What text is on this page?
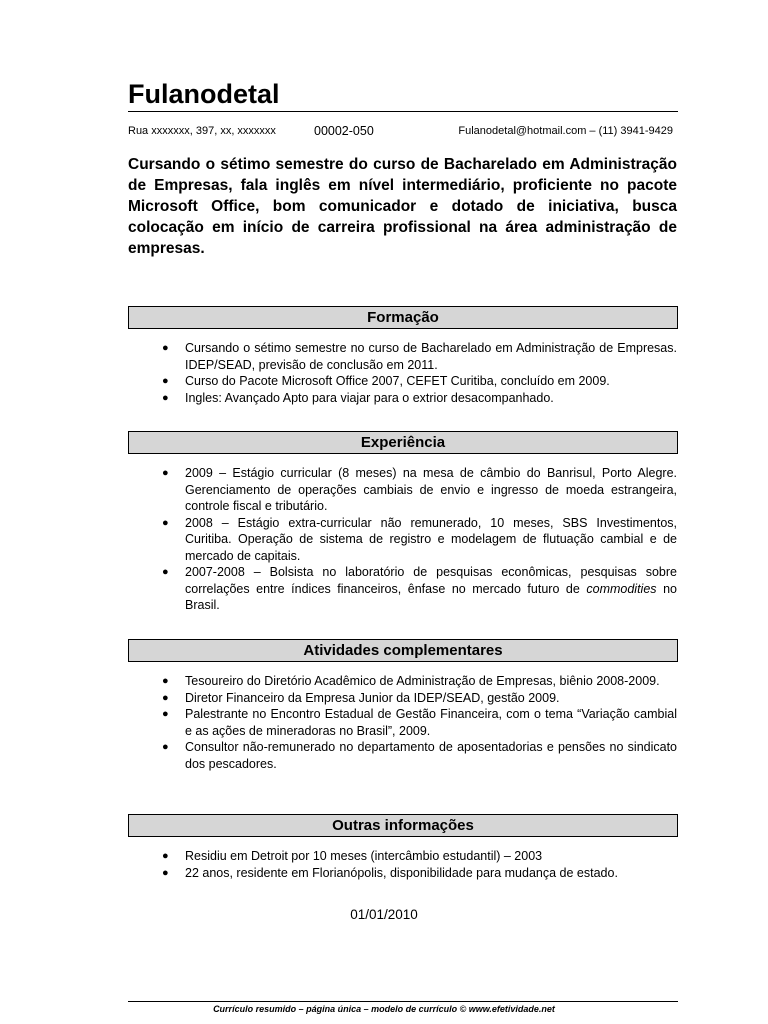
Fulanodetal
Rua xxxxxxx, 397, xx, xxxxxxx	00002-050	Fulanodetal@hotmail.com – (11) 3941-9429

Cursando o sétimo semestre do curso de Bacharelado em Administração de Empresas, fala inglês em nível intermediário, proficiente no pacote Microsoft Office, bom comunicador e dotado de iniciativa, busca colocação em início de carreira profissional na área administração de empresas.

Formação
● Cursando o sétimo semestre no curso de Bacharelado em Administração de Empresas. IDEP/SEAD, previsão de conclusão em 2011.
● Curso do Pacote Microsoft Office 2007, CEFET Curitiba, concluído em 2009.
● Ingles: Avançado Apto para viajar para o extrior desacompanhado.
Experiência
● 2009 – Estágio curricular (8 meses) na mesa de câmbio do Banrisul, Porto Alegre. Gerenciamento de operações cambiais de envio e ingresso de moeda estrangeira, controle fiscal e tributário.
● 2008 – Estágio extra-curricular não remunerado, 10 meses, SBS Investimentos, Curitiba. Operação de sistema de registro e modelagem de flutuação cambial e de mercado de capitais.
● 2007-2008 – Bolsista no laboratório de pesquisas econômicas, pesquisas sobre correlações entre índices financeiros, ênfase no mercado futuro de commodities no Brasil.
Atividades complementares
● Tesoureiro do Diretório Acadêmico de Administração de Empresas, biênio 2008-2009.
● Diretor Financeiro da Empresa Junior da IDEP/SEAD, gestão 2009.
● Palestrante no Encontro Estadual de Gestão Financeira, com o tema “Variação cambial e as ações de mineradoras no Brasil”, 2009.
● Consultor não-remunerado no departamento de aposentadorias e pensões no sindicato dos pescadores.
Outras informações
● Residiu em Detroit por 10 meses (intercâmbio estudantil) – 2003
● 22 anos, residente em Florianópolis, disponibilidade para mudança de estado.
01/01/2010
Currículo resumido – página única – modelo de currículo © www.efetividade.net
